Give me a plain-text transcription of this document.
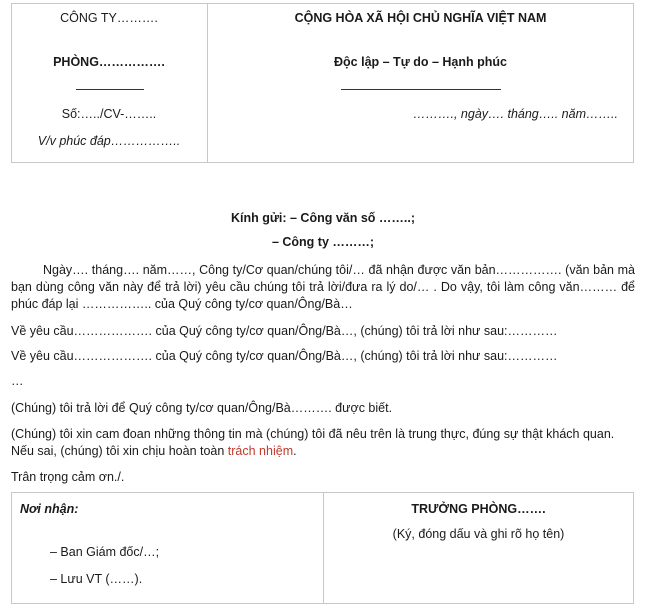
CÔNG TY……….
PHÒNG…………….
Số:…../CV-……..
V/v phúc đáp……………..
CỘNG HÒA XÃ HỘI CHỦ NGHĨA VIỆT NAM
Độc lập – Tự do – Hạnh phúc
………., ngày…. tháng….. năm……..
Kính gửi: – Công văn số ……..;
– Công ty ………;
Ngày…. tháng…. năm……, Công ty/Cơ quan/chúng tôi/… đã nhận được văn bản……………. (văn bản mà bạn dùng công văn này để trả lời) yêu cầu chúng tôi trả lời/đưa ra lý do/… . Do vậy, tôi làm công văn……… để phúc đáp lại …………….. của Quý công ty/cơ quan/Ông/Bà…
Về yêu cầu………………. của Quý công ty/cơ quan/Ông/Bà…, (chúng) tôi trả lời như sau:…………
Về yêu cầu………………. của Quý công ty/cơ quan/Ông/Bà…, (chúng) tôi trả lời như sau:…………
…
(Chúng) tôi trả lời để Quý công ty/cơ quan/Ông/Bà………. được biết.
(Chúng) tôi xin cam đoan những thông tin mà (chúng) tôi đã nêu trên là trung thực, đúng sự thật khách quan.
Nếu sai, (chúng) tôi xin chịu hoàn toàn trách nhiệm.
Trân trọng cảm ơn./.
Nơi nhận:
– Ban Giám đốc/…;
– Lưu VT (……).
TRƯỞNG PHÒNG…….
(Ký, đóng dấu và ghi rõ họ tên)
